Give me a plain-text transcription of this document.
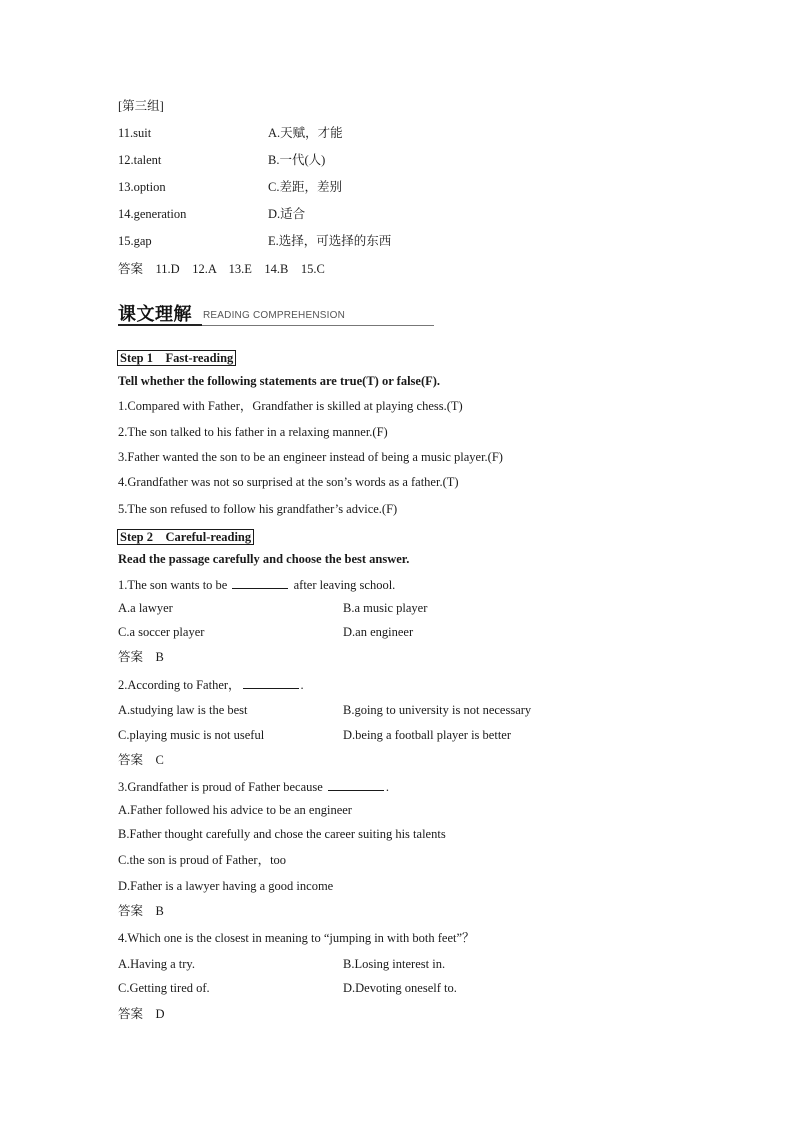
[第三组]
11.suit	A.天赋，才能
12.talent	B.一代(人)
13.option	C.差距，差别
14.generation	D.适合
15.gap	E.选择，可选择的东西
答案　11.D　12.A　13.E　14.B　15.C
课文理解 READING COMPREHENSION
Step 1　Fast-reading
Tell whether the following statements are true(T) or false(F).
1.Compared with Father，Grandfather is skilled at playing chess.(T)
2.The son talked to his father in a relaxing manner.(F)
3.Father wanted the son to be an engineer instead of being a music player.(F)
4.Grandfather was not so surprised at the son’s words as a father.(T)
5.The son refused to follow his grandfather’s advice.(F)
Step 2　Careful-reading
Read the passage carefully and choose the best answer.
1.The son wants to be	after leaving school.
A.a lawyer	B.a music player
C.a soccer player	D.an engineer
答案　B
2.According to Father，	.
A.studying law is the best	B.going to university is not necessary
C.playing music is not useful	D.being a football player is better
答案　C
3.Grandfather is proud of Father because	.
A.Father followed his advice to be an engineer
B.Father thought carefully and chose the career suiting his talents
C.the son is proud of Father，too
D.Father is a lawyer having a good income
答案　B
4.Which one is the closest in meaning to “jumping in with both feet”？
A.Having a try.	B.Losing interest in.
C.Getting tired of.	D.Devoting oneself to.
答案　D
